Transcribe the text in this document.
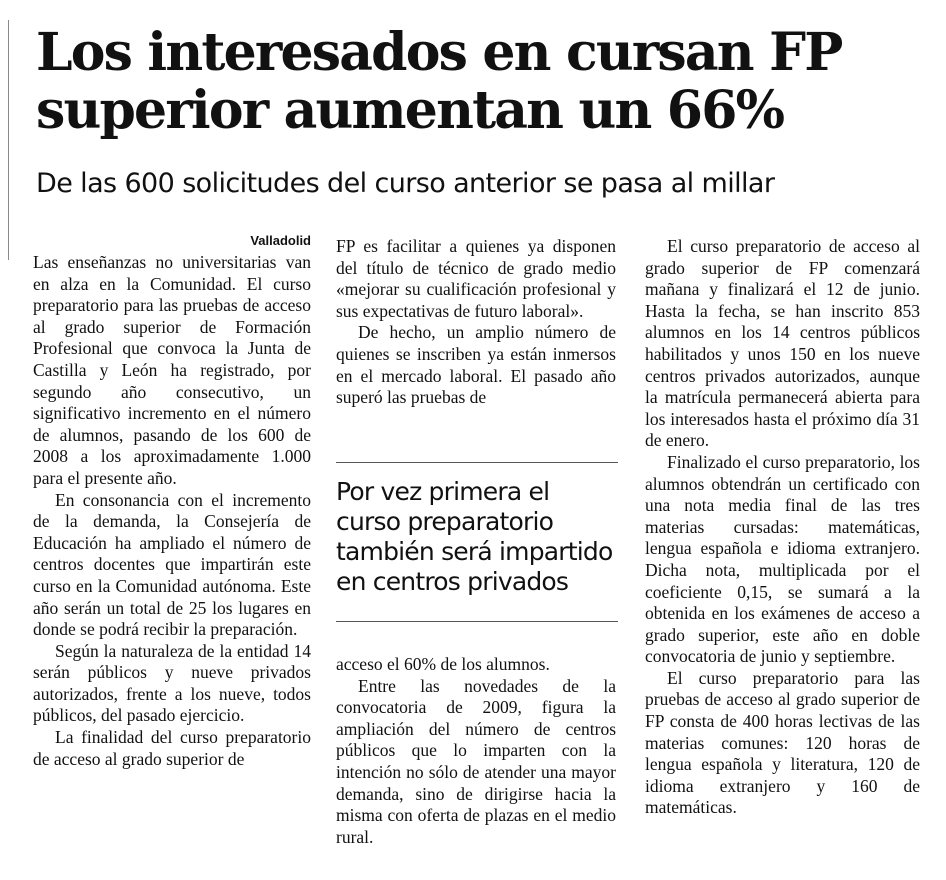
Los interesados en cursan FP
superior aumentan un 66%
De las 600 solicitudes del curso anterior se pasa al millar
Valladolid

Las enseñanzas no universitarias van en alza en la Comunidad. El curso preparatorio para las pruebas de acceso al grado superior de Formación Profesional que convoca la Junta de Castilla y León ha registrado, por segundo año consecutivo, un significativo incremento en el número de alumnos, pasando de los 600 de 2008 a los aproximadamente 1.000 para el presente año.

En consonancia con el incremento de la demanda, la Consejería de Educación ha ampliado el número de centros docentes que impartirán este curso en la Comunidad autónoma. Este año serán un total de 25 los lugares en donde se podrá recibir la preparación.

Según la naturaleza de la entidad 14 serán públicos y nueve privados autorizados, frente a los nueve, todos públicos, del pasado ejercicio.

La finalidad del curso preparatorio de acceso al grado superior de

FP es facilitar a quienes ya disponen del título de técnico de grado medio «mejorar su cualificación profesional y sus expectativas de futuro laboral».

De hecho, un amplio número de quienes se inscriben ya están inmersos en el mercado laboral. El pasado año superó las pruebas de

Por vez primera el curso preparatorio también será impartido en centros privados

acceso el 60% de los alumnos.

Entre las novedades de la convocatoria de 2009, figura la ampliación del número de centros públicos que lo imparten con la intención no sólo de atender una mayor demanda, sino de dirigirse hacia la misma con oferta de plazas en el medio rural.

El curso preparatorio de acceso al grado superior de FP comenzará mañana y finalizará el 12 de junio. Hasta la fecha, se han inscrito 853 alumnos en los 14 centros públicos habilitados y unos 150 en los nueve centros privados autorizados, aunque la matrícula permanecerá abierta para los interesados hasta el próximo día 31 de enero.

Finalizado el curso preparatorio, los alumnos obtendrán un certificado con una nota media final de las tres materias cursadas: matemáticas, lengua española e idioma extranjero. Dicha nota, multiplicada por el coeficiente 0,15, se sumará a la obtenida en los exámenes de acceso a grado superior, este año en doble convocatoria de junio y septiembre.

El curso preparatorio para las pruebas de acceso al grado superior de FP consta de 400 horas lectivas de las materias comunes: 120 horas de lengua española y literatura, 120 de idioma extranjero y 160 de matemáticas.
